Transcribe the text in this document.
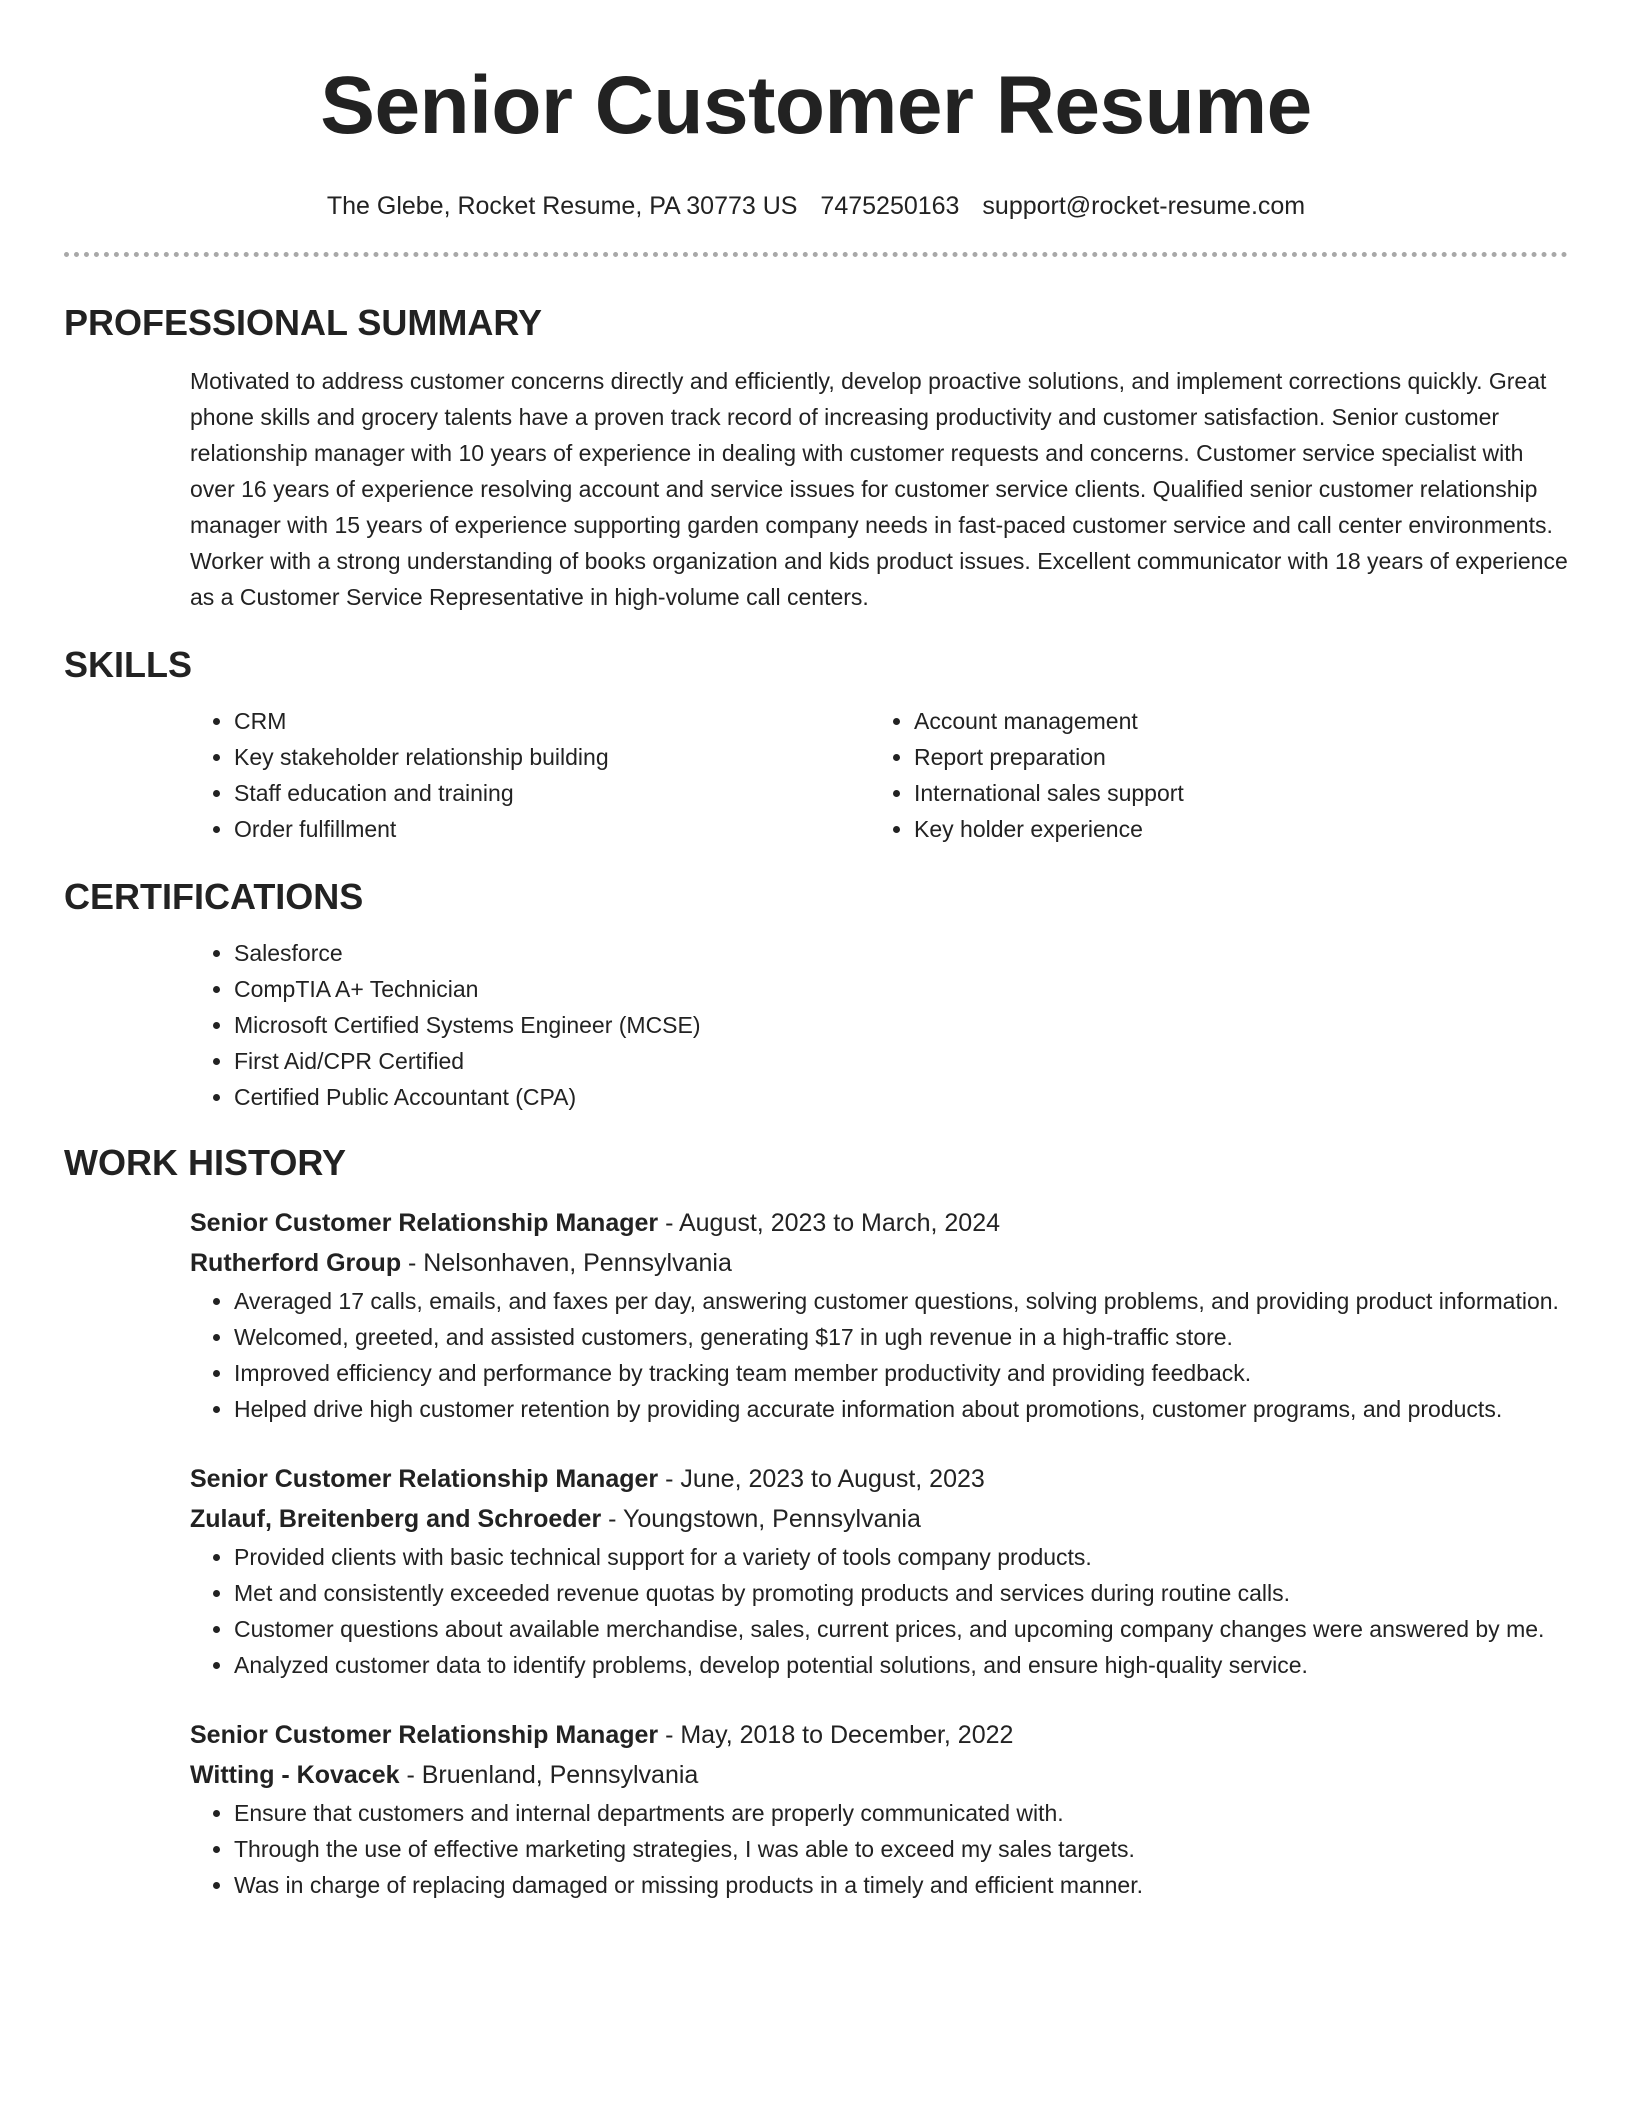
Senior Customer Resume
The Glebe, Rocket Resume, PA 30773 US 7475250163 support@rocket-resume.com
PROFESSIONAL SUMMARY

Motivated to address customer concerns directly and efficiently, develop proactive solutions, and implement corrections quickly. Great phone skills and grocery talents have a proven track record of increasing productivity and customer satisfaction. Senior customer relationship manager with 10 years of experience in dealing with customer requests and concerns. Customer service specialist with over 16 years of experience resolving account and service issues for customer service clients. Qualified senior customer relationship manager with 15 years of experience supporting garden company needs in fast-paced customer service and call center environments. Worker with a strong understanding of books organization and kids product issues. Excellent communicator with 18 years of experience as a Customer Service Representative in high-volume call centers.

SKILLS
• CRM
• Key stakeholder relationship building
• Staff education and training
• Order fulfillment
• Account management
• Report preparation
• International sales support
• Key holder experience
CERTIFICATIONS
• Salesforce
• CompTIA A+ Technician
• Microsoft Certified Systems Engineer (MCSE)
• First Aid/CPR Certified
• Certified Public Accountant (CPA)
WORK HISTORY
Senior Customer Relationship Manager - August, 2023 to March, 2024
Rutherford Group - Nelsonhaven, Pennsylvania
• Averaged 17 calls, emails, and faxes per day, answering customer questions, solving problems, and providing product information.
• Welcomed, greeted, and assisted customers, generating $17 in ugh revenue in a high-traffic store.
• Improved efficiency and performance by tracking team member productivity and providing feedback.
• Helped drive high customer retention by providing accurate information about promotions, customer programs, and products.
Senior Customer Relationship Manager - June, 2023 to August, 2023
Zulauf, Breitenberg and Schroeder - Youngstown, Pennsylvania
• Provided clients with basic technical support for a variety of tools company products.
• Met and consistently exceeded revenue quotas by promoting products and services during routine calls.
• Customer questions about available merchandise, sales, current prices, and upcoming company changes were answered by me.
• Analyzed customer data to identify problems, develop potential solutions, and ensure high-quality service.
Senior Customer Relationship Manager - May, 2018 to December, 2022
Witting - Kovacek - Bruenland, Pennsylvania
• Ensure that customers and internal departments are properly communicated with.
• Through the use of effective marketing strategies, I was able to exceed my sales targets.
• Was in charge of replacing damaged or missing products in a timely and efficient manner.
